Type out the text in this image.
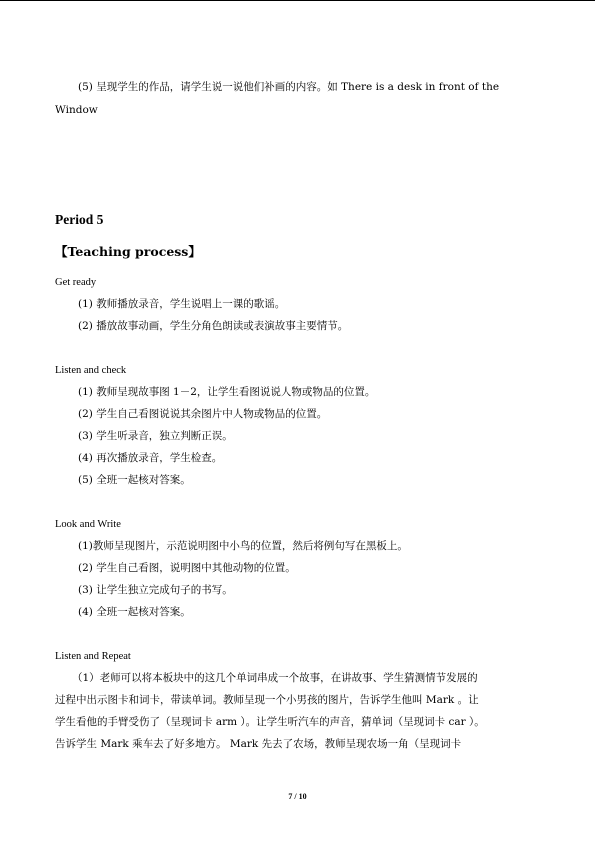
(5) 呈现学生的作品，请学生说一说他们补画的内容。如 There is a desk in front of the
Window
Period 5
【Teaching process】
Get ready
(1) 教师播放录音，学生说唱上一课的歌谣。
(2) 播放故事动画，学生分角色朗读或表演故事主要情节。
Listen and check
(1) 教师呈现故事图 1－2，让学生看图说说人物或物品的位置。
(2) 学生自己看图说说其余图片中人物或物品的位置。
(3) 学生听录音，独立判断正误。
(4) 再次播放录音，学生检查。
(5) 全班一起核对答案。
Look and Write
(1)教师呈现图片，示范说明图中小鸟的位置，然后将例句写在黑板上。
(2) 学生自己看图，说明图中其他动物的位置。
(3) 让学生独立完成句子的书写。
(4) 全班一起核对答案。
Listen and Repeat
（1）老师可以将本板块中的这几个单词串成一个故事，在讲故事、学生猜测情节发展的
过程中出示图卡和词卡，带读单词。教师呈现一个小男孩的图片，告诉学生他叫 Mark 。让
学生看他的手臂受伤了（呈现词卡 arm ）。让学生听汽车的声音，猜单词（呈现词卡 car ）。
告诉学生 Mark 乘车去了好多地方。 Mark 先去了农场，教师呈现农场一角（呈现词卡
7 / 10
